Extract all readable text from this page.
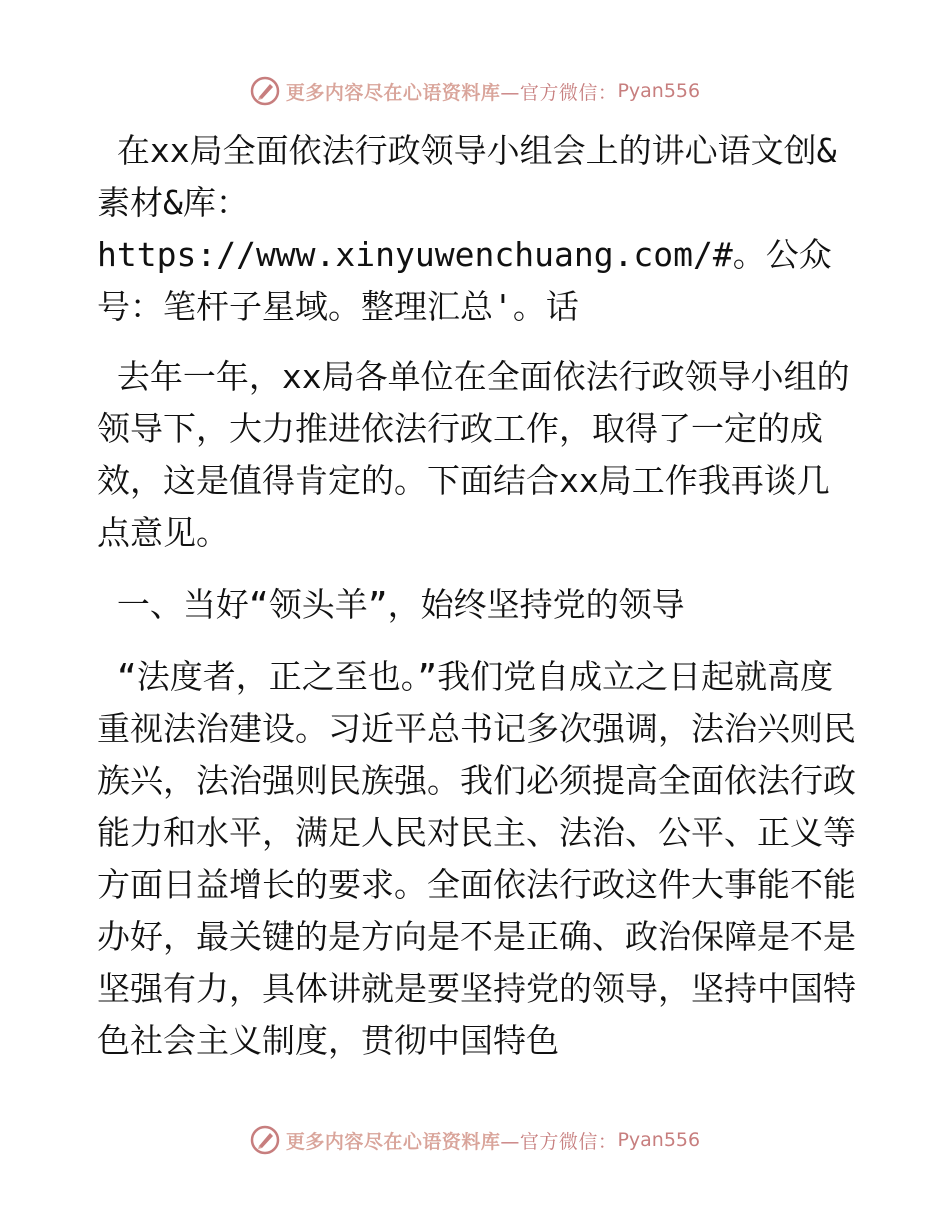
更多内容尽在心语资料库 —官方微信： Pyan556

在xx局全面依法行政领导小组会上的讲心语文创&素材&库：https://www.xinyuwenchuang.com/#。公众号：笔杆子星域。整理汇总'。话

去年一年，xx局各单位在全面依法行政领导小组的领导下，大力推进依法行政工作，取得了一定的成效，这是值得肯定的。下面结合xx局工作我再谈几点意见。

一、当好“领头羊”，始终坚持党的领导

“法度者，正之至也。”我们党自成立之日起就高度重视法治建设。习近平总书记多次强调，法治兴则民族兴，法治强则民族强。我们必须提高全面依法行政能力和水平，满足人民对民主、法治、公平、正义等方面日益增长的要求。全面依法行政这件大事能不能办好，最关键的是方向是不是正确、政治保障是不是坚强有力，具体讲就是要坚持党的领导，坚持中国特色社会主义制度，贯彻中国特色

更多内容尽在心语资料库 —官方微信： Pyan556
